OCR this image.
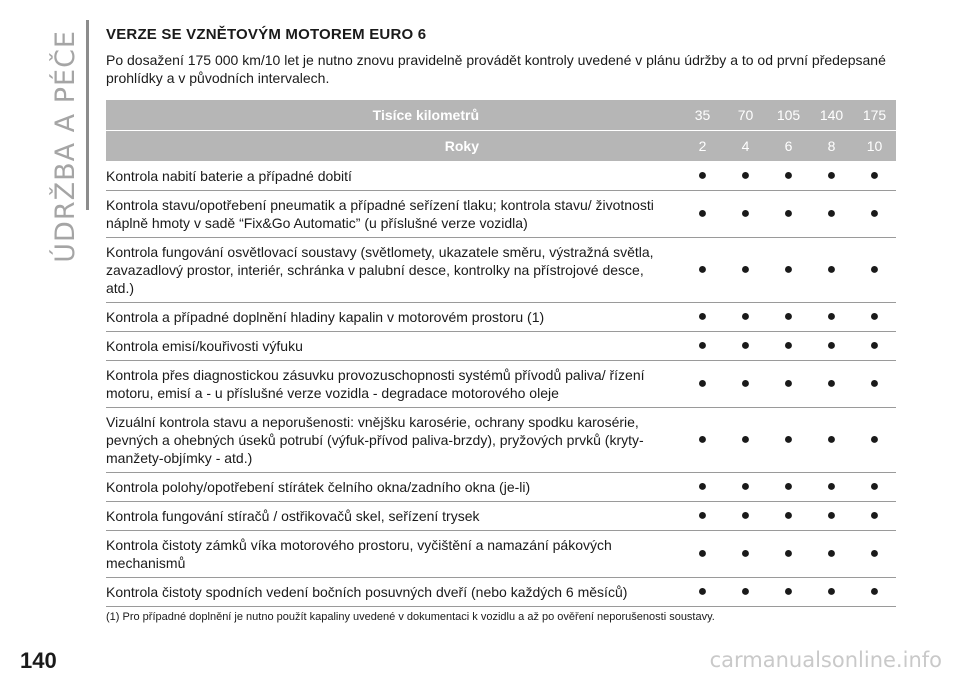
ÚDRŽBA A PÉČE VERZE SE VZNĚTOVÝM MOTOREM EURO 6

Po dosažení 175 000 km/10 let je nutno znovu pravidelně provádět kontroly uvedené v plánu údržby a to od první předepsané prohlídky a v původních intervalech.

Tisíce kilometrů	35	70	105	140	175
Roky	2	4	6	8	10
Kontrola nabití baterie a případné dobití	●	●	●	●	●
Kontrola stavu/opotřebení pneumatik a případné seřízení tlaku; kontrola stavu/ životnosti náplně hmoty v sadě “Fix&Go Automatic” (u příslušné verze vozidla)	●	●	●	●	●
Kontrola fungování osvětlovací soustavy (světlomety, ukazatele směru, výstražná světla, zavazadlový prostor, interiér, schránka v palubní desce, kontrolky na přístrojové desce, atd.)	●	●	●	●	●
Kontrola a případné doplnění hladiny kapalin v motorovém prostoru (1)	●	●	●	●	●
Kontrola emisí/kouřivosti výfuku	●	●	●	●	●
Kontrola přes diagnostickou zásuvku provozuschopnosti systémů přívodů paliva/ řízení motoru, emisí a - u příslušné verze vozidla - degradace motorového oleje	●	●	●	●	●
Vizuální kontrola stavu a neporušenosti: vnějšku karosérie, ochrany spodku karosérie, pevných a ohebných úseků potrubí (výfuk-přívod paliva-brzdy), pryžových prvků (kryty-manžety-objímky - atd.)	●	●	●	●	●
Kontrola polohy/opotřebení stírátek čelního okna/zadního okna (je-li)	●	●	●	●	●
Kontrola fungování stíračů / ostřikovačů skel, seřízení trysek	●	●	●	●	●
Kontrola čistoty zámků víka motorového prostoru, vyčištění a namazání pákových mechanismů	●	●	●	●	●
Kontrola čistoty spodních vedení bočních posuvných dveří (nebo každých 6 měsíců)	●	●	●	●	●
(1) Pro případné doplnění je nutno použít kapaliny uvedené v dokumentaci k vozidlu a až po ověření neporušenosti soustavy.
140	carmanualsonline.info
